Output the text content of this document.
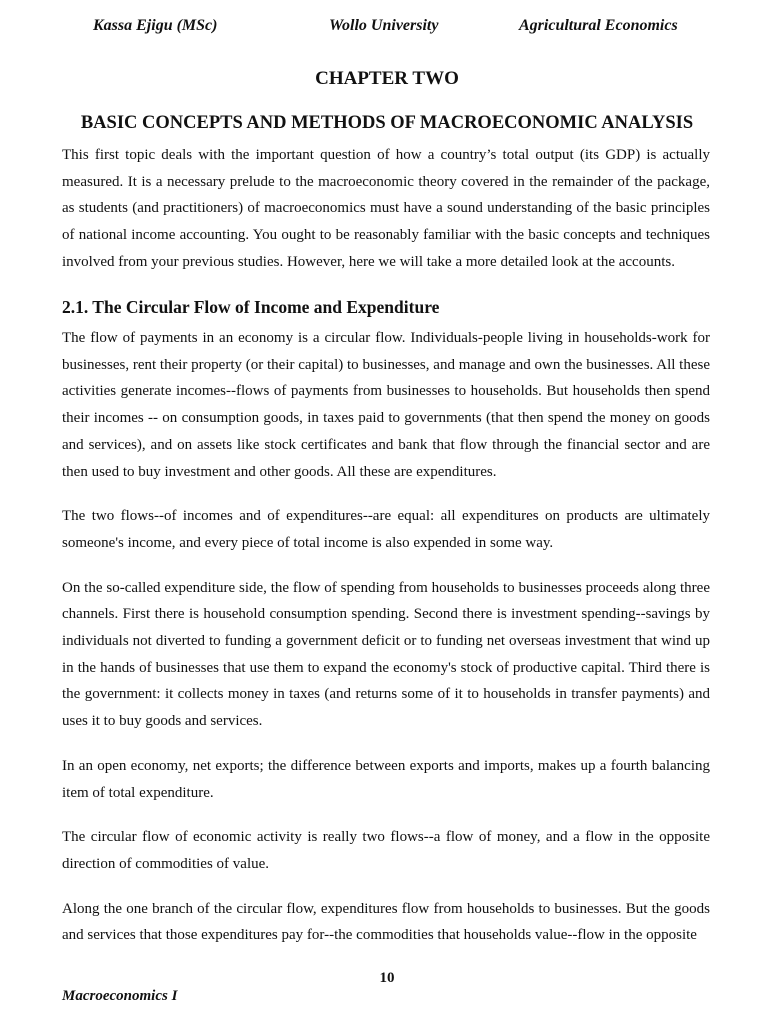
Kassa Ejigu (MSc)	Wollo University	Agricultural Economics
CHAPTER TWO
BASIC CONCEPTS AND METHODS OF MACROECONOMIC ANALYSIS

This first topic deals with the important question of how a country’s total output (its GDP) is actually measured. It is a necessary prelude to the macroeconomic theory covered in the remainder of the package, as students (and practitioners) of macroeconomics must have a sound understanding of the basic principles of national income accounting. You ought to be reasonably familiar with the basic concepts and techniques involved from your previous studies. However, here we will take a more detailed look at the accounts.

2.1. The Circular Flow of Income and Expenditure

The flow of payments in an economy is a circular flow. Individuals-people living in households-work for businesses, rent their property (or their capital) to businesses, and manage and own the businesses. All these activities generate incomes--flows of payments from businesses to households. But households then spend their incomes -- on consumption goods, in taxes paid to governments (that then spend the money on goods and services), and on assets like stock certificates and bank that flow through the financial sector and are then used to buy investment and other goods. All these are expenditures.

The two flows--of incomes and of expenditures--are equal: all expenditures on products are ultimately someone's income, and every piece of total income is also expended in some way.

On the so-called expenditure side, the flow of spending from households to businesses proceeds along three channels. First there is household consumption spending. Second there is investment spending--savings by individuals not diverted to funding a government deficit or to funding net overseas investment that wind up in the hands of businesses that use them to expand the economy's stock of productive capital. Third there is the government: it collects money in taxes (and returns some of it to households in transfer payments) and uses it to buy goods and services.

In an open economy, net exports; the difference between exports and imports, makes up a fourth balancing item of total expenditure.

The circular flow of economic activity is really two flows--a flow of money, and a flow in the opposite direction of commodities of value.

Along the one branch of the circular flow, expenditures flow from households to businesses. But the goods and services that those expenditures pay for--the commodities that households value--flow in the opposite

10
Macroeconomics I
